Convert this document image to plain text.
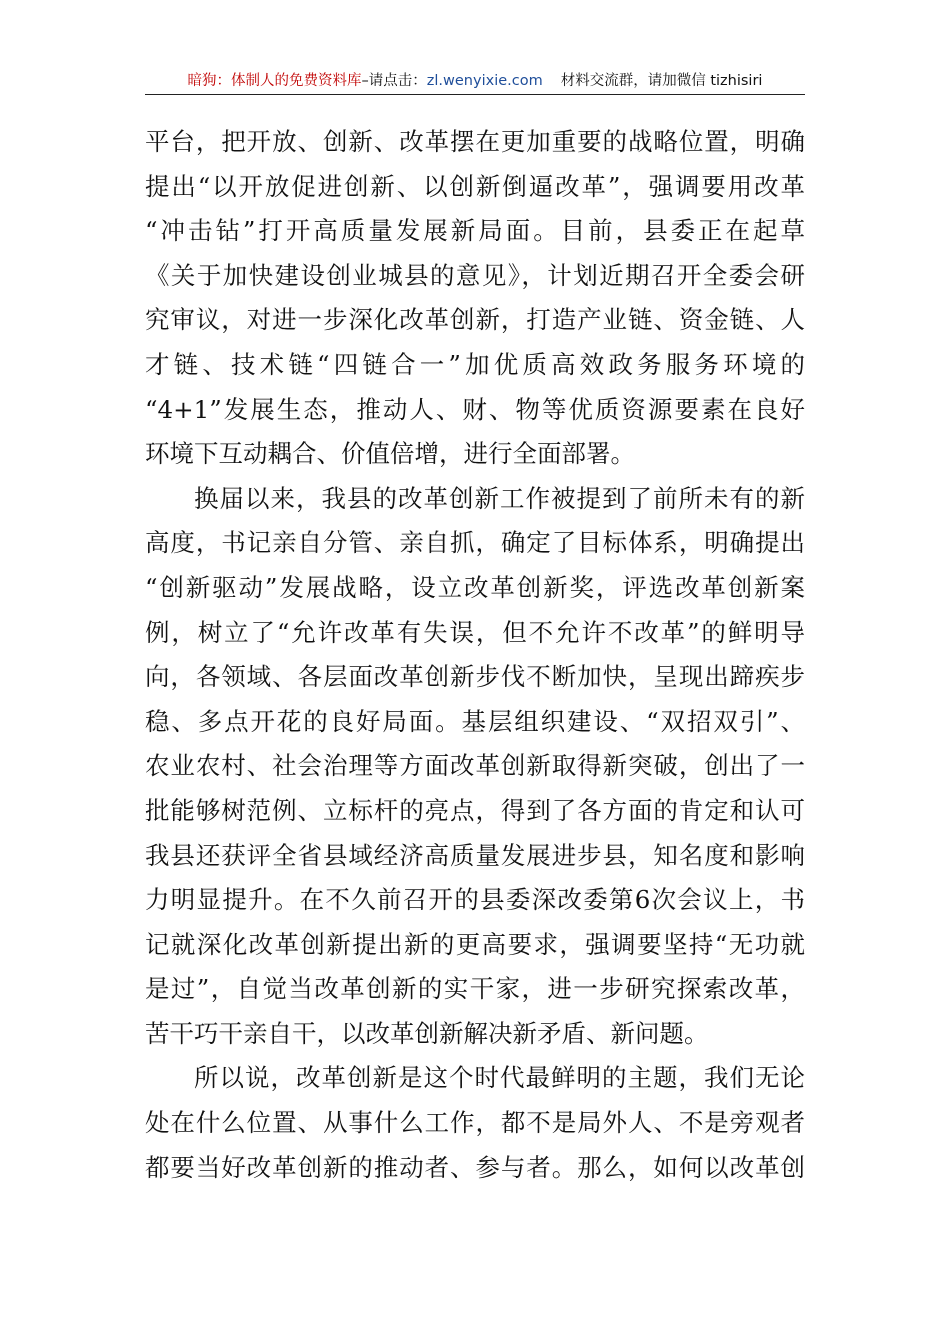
暗狗：体制人的免费资料库–请点击：zl.wenyixie.com 材料交流群，请加微信 tizhisiri
平台，把开放、创新、改革摆在更加重要的战略位置，明确
提出“以开放促进创新、以创新倒逼改革”，强调要用改革
“冲击钻”打开高质量发展新局面。目前，县委正在起草
《关于加快建设创业城县的意见》，计划近期召开全委会研
究审议，对进一步深化改革创新，打造产业链、资金链、人
才链、技术链“四链合一”加优质高效政务服务环境的
“4+1”发展生态，推动人、财、物等优质资源要素在良好
环境下互动耦合、价值倍增，进行全面部署。
换届以来，我县的改革创新工作被提到了前所未有的新
高度，书记亲自分管、亲自抓，确定了目标体系，明确提出
“创新驱动”发展战略，设立改革创新奖，评选改革创新案
例，树立了“允许改革有失误，但不允许不改革”的鲜明导
向，各领域、各层面改革创新步伐不断加快，呈现出蹄疾步
稳、多点开花的良好局面。基层组织建设、“双招双引”、
农业农村、社会治理等方面改革创新取得新突破，创出了一
批能够树范例、立标杆的亮点，得到了各方面的肯定和认可
我县还获评全省县域经济高质量发展进步县，知名度和影响
力明显提升。在不久前召开的县委深改委第6次会议上，书
记就深化改革创新提出新的更高要求，强调要坚持“无功就
是过”，自觉当改革创新的实干家，进一步研究探索改革，
苦干巧干亲自干，以改革创新解决新矛盾、新问题。
所以说，改革创新是这个时代最鲜明的主题，我们无论
处在什么位置、从事什么工作，都不是局外人、不是旁观者
都要当好改革创新的推动者、参与者。那么，如何以改革创
